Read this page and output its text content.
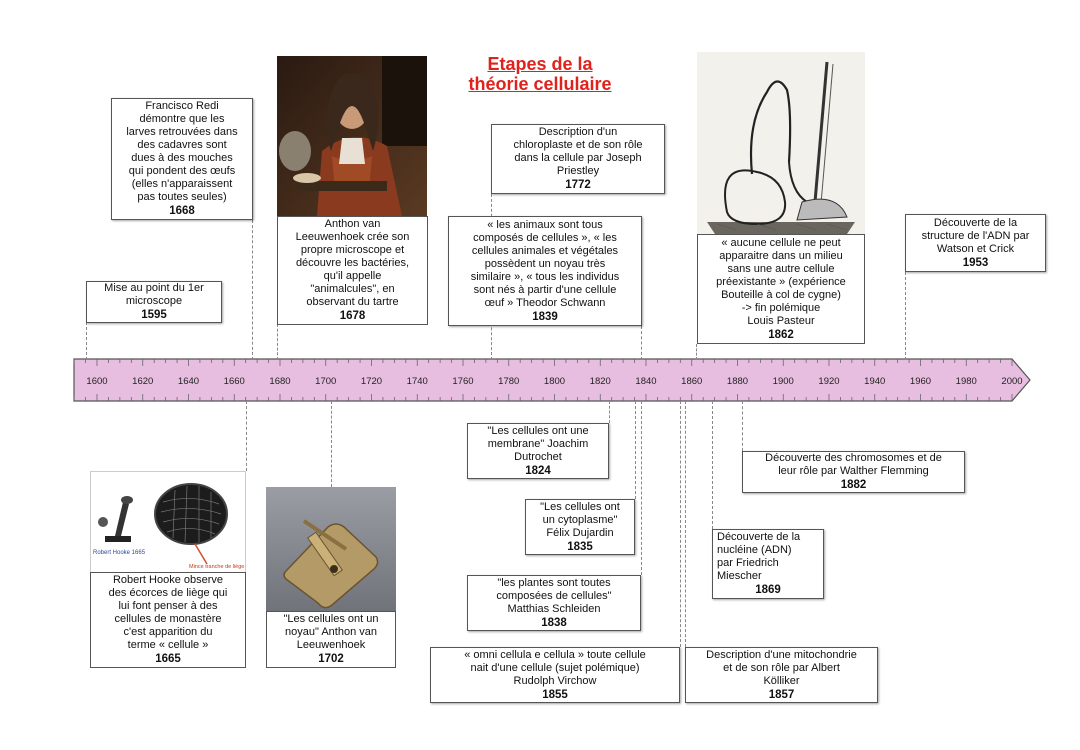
Etapes de la
théorie cellulaire
1600	1620	1640	1660	1680	1700	1720	1740	1760	1780	1800	1820	1840	1860	1880	1900	1920	1940	1960	1980	2000
Mise au point du 1er
microscope
1595
Francisco Redi
démontre que les
larves retrouvées dans
des cadavres sont
dues à des mouches
qui pondent des œufs
(elles n'apparaissent
pas toutes seules)
1668
Anthon van
Leeuwenhoek crée son
propre microscope et
découvre les bactéries,
qu'il appelle
"animalcules", en
observant du tartre
1678
Description d'un
chloroplaste et de son rôle
dans la cellule par Joseph
Priestley
1772
« les animaux sont tous
composés de cellules », « les
cellules animales et végétales
possèdent un noyau très
similaire », « tous les individus
sont nés à partir d'une cellule
œuf » Theodor Schwann
1839
« aucune cellule ne peut
apparaitre dans un milieu
sans une autre cellule
préexistante » (expérience
Bouteille à col de cygne)
-> fin polémique
Louis Pasteur
1862
Découverte de la
structure de l'ADN par
Watson et Crick
1953
Robert Hooke 1665
Mince tranche de liège
Robert Hooke observe
des écorces de liège qui
lui font penser à des
cellules de monastère
c'est apparition du
terme « cellule »
1665
"Les cellules ont un
noyau" Anthon van
Leeuwenhoek
1702
"Les cellules ont une
membrane" Joachim
Dutrochet
1824
"Les cellules ont
un cytoplasme"
Félix Dujardin
1835
"les plantes sont toutes
composées de cellules"
Matthias Schleiden
1838
« omni cellula e cellula » toute cellule
nait d'une cellule (sujet polémique)
Rudolph Virchow
1855
Description d'une mitochondrie
et de son rôle par Albert
Kölliker
1857
Découverte de la
nucléine (ADN)
par Friedrich
Miescher
1869
Découverte des chromosomes et de
leur rôle par Walther Flemming
1882
